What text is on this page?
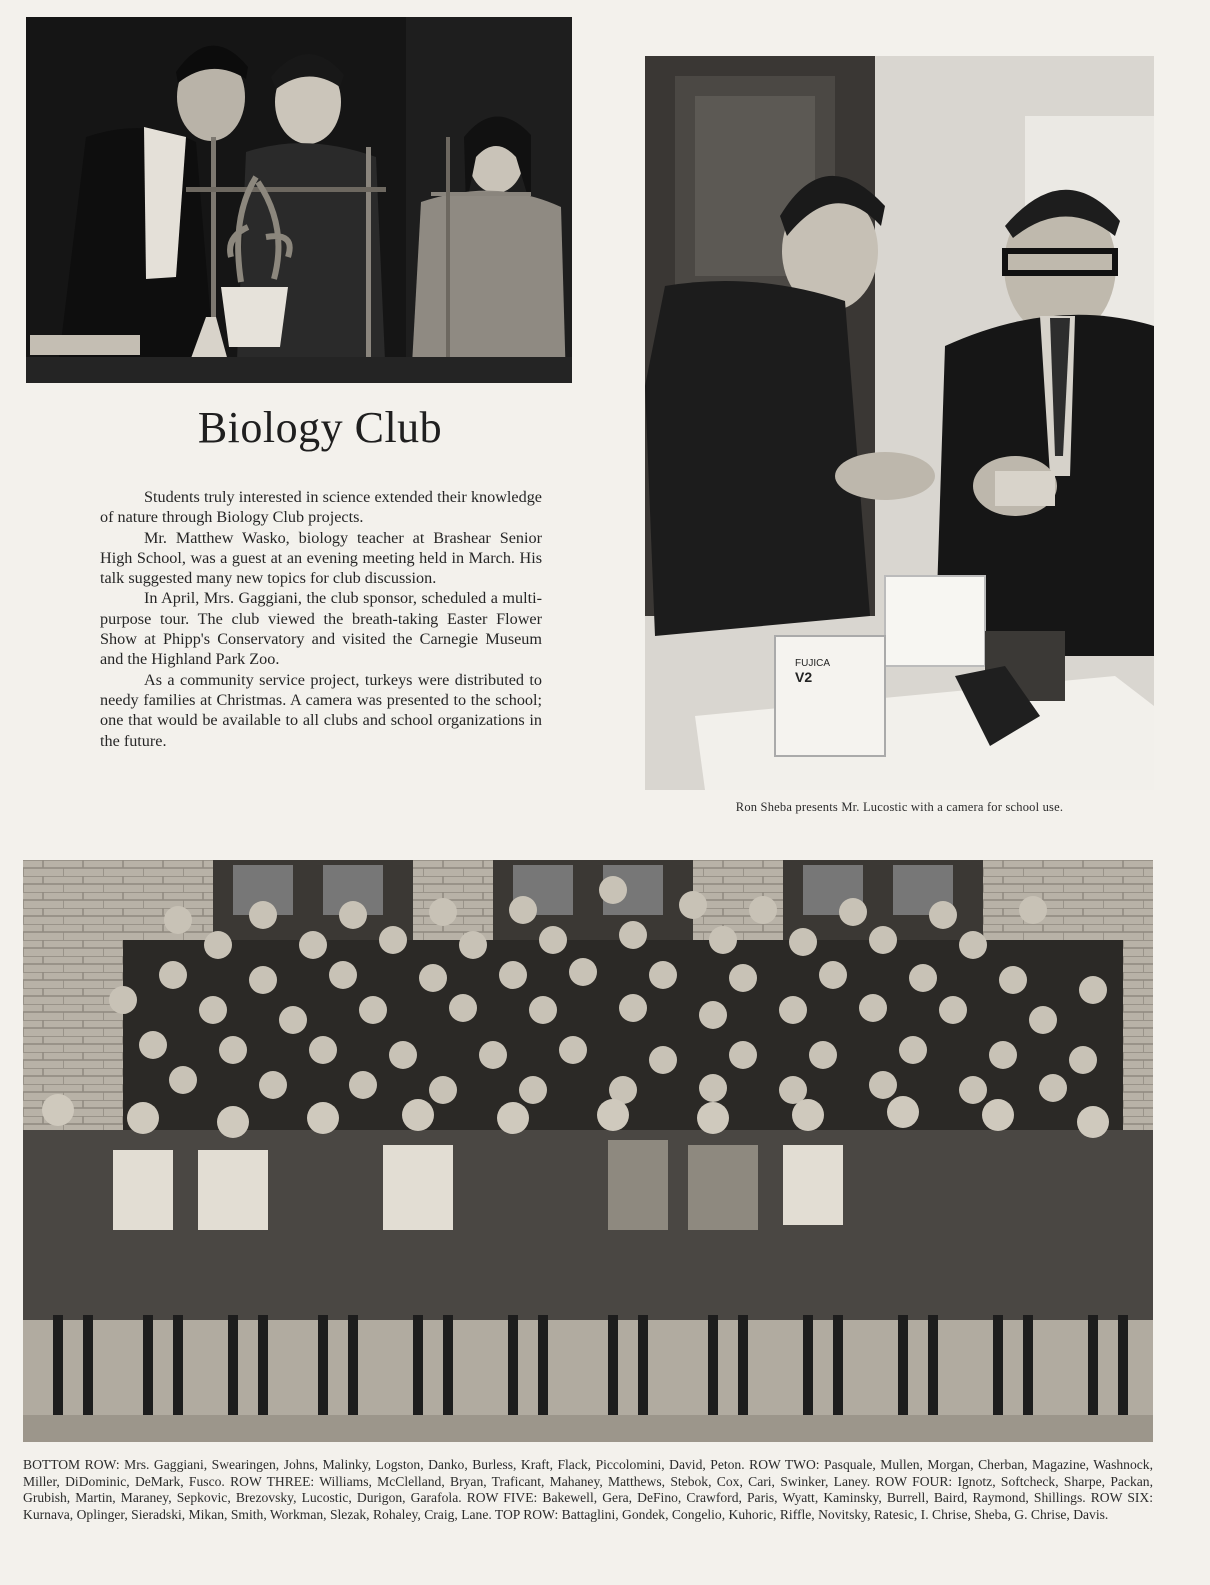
Biology Club

Students truly interested in science extended their knowledge of nature through Biology Club projects.

Mr. Matthew Wasko, biology teacher at Brashear Senior High School, was a guest at an evening meeting held in March. His talk suggested many new topics for club discussion.

In April, Mrs. Gaggiani, the club sponsor, scheduled a multi-purpose tour. The club viewed the breath-taking Easter Flower Show at Phipp's Conservatory and visited the Carnegie Museum and the Highland Park Zoo.

As a community service project, turkeys were distributed to needy families at Christmas. A camera was presented to the school; one that would be available to all clubs and school organizations in the future.

FUJICA
V2
Ron Sheba presents Mr. Lucostic with a camera for school use.

BOTTOM ROW: Mrs. Gaggiani, Swearingen, Johns, Malinky, Logston, Danko, Burless, Kraft, Flack, Piccolomini, David, Peton. ROW TWO: Pasquale, Mullen, Morgan, Cherban, Magazine, Washnock, Miller, DiDominic, DeMark, Fusco. ROW THREE: Williams, McClelland, Bryan, Traficant, Mahaney, Matthews, Stebok, Cox, Cari, Swinker, Laney. ROW FOUR: Ignotz, Softcheck, Sharpe, Packan, Grubish, Martin, Maraney, Sepkovic, Brezovsky, Lucostic, Durigon, Garafola. ROW FIVE: Bakewell, Gera, DeFino, Crawford, Paris, Wyatt, Kaminsky, Burrell, Baird, Raymond, Shillings. ROW SIX: Kurnava, Oplinger, Sieradski, Mikan, Smith, Workman, Slezak, Rohaley, Craig, Lane. TOP ROW: Battaglini, Gondek, Congelio, Kuhoric, Riffle, Novitsky, Ratesic, I. Chrise, Sheba, G. Chrise, Davis.
